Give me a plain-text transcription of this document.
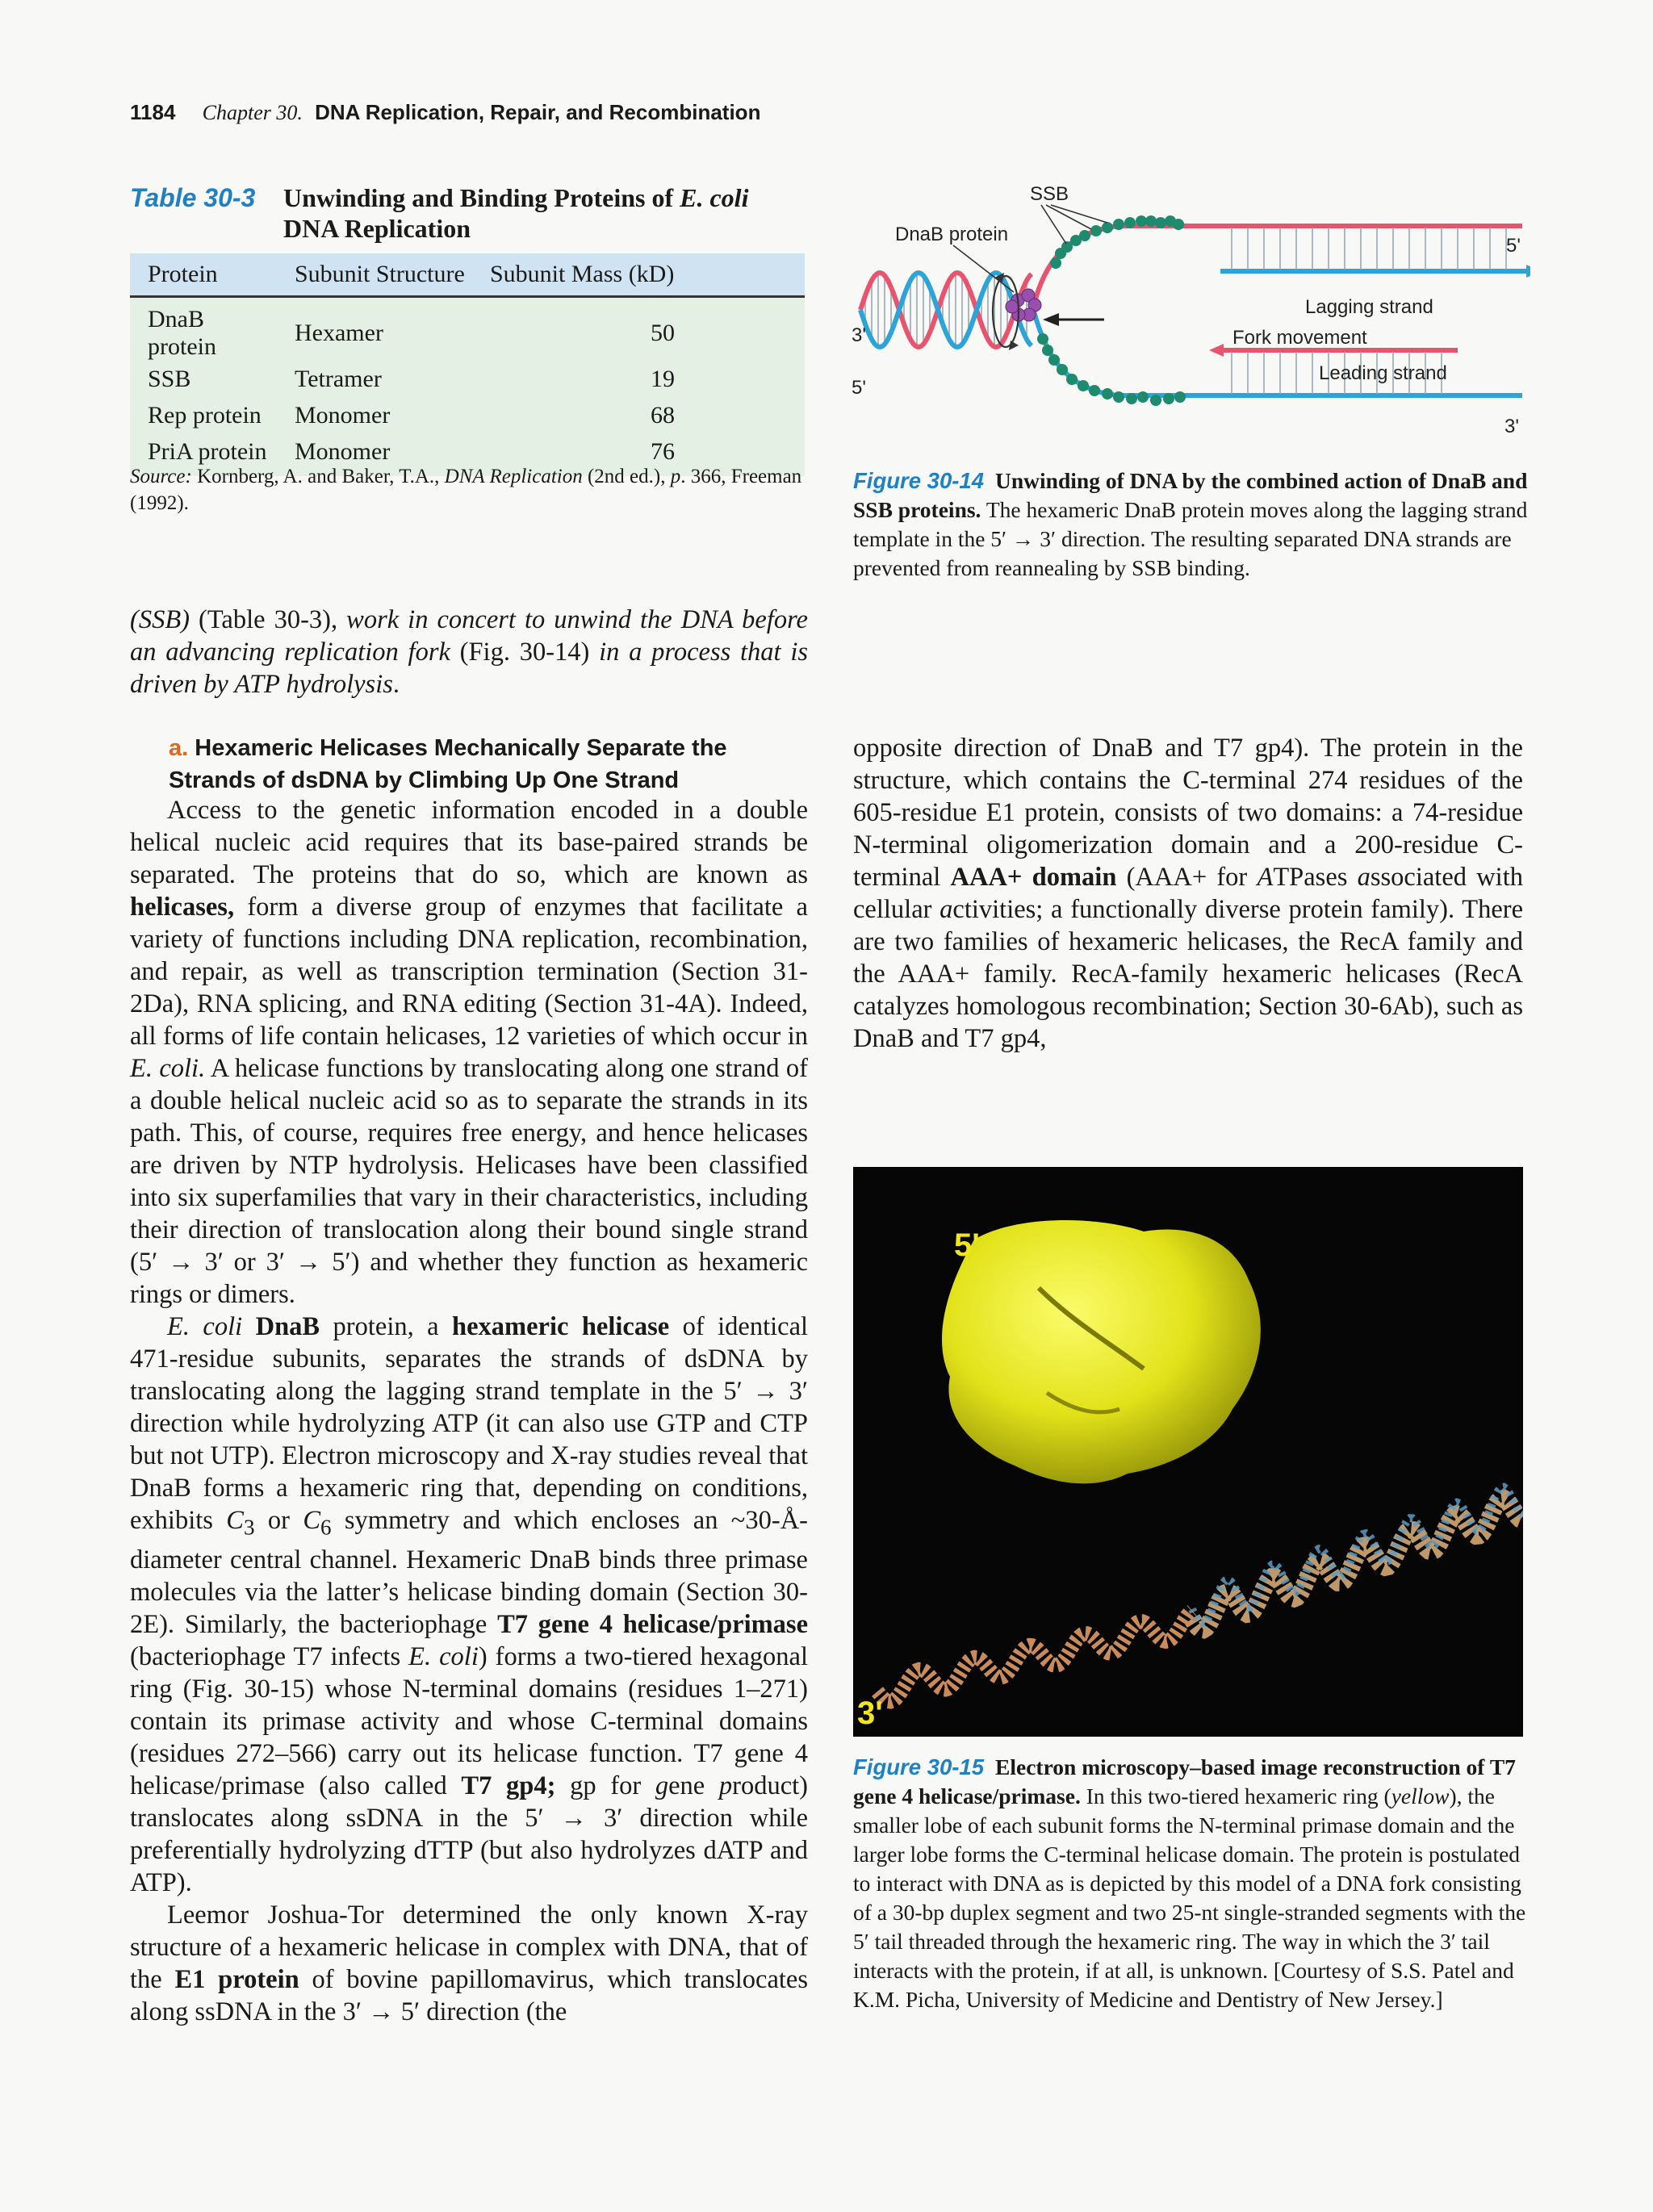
1184 Chapter 30. DNA Replication, Repair, and Recombination
Table 30-3 Unwinding and Binding Proteins of E. coli DNA Replication
Protein	Subunit Structure	Subunit Mass (kD)
DnaB protein	Hexamer	50
SSB	Tetramer	19
Rep protein	Monomer	68
PriA protein	Monomer	76
Source: Kornberg, A. and Baker, T.A., DNA Replication (2nd ed.), p. 366, Freeman (1992).
SSB
DnaB protein
5'
3'
5'
3'
Lagging strand
Fork movement
Leading strand
Figure 30-14 Unwinding of DNA by the combined action of DnaB and SSB proteins. The hexameric DnaB protein moves along the lagging strand template in the 5′ → 3′ direction. The resulting separated DNA strands are prevented from reannealing by SSB binding.
(SSB) (Table 30-3), work in concert to unwind the DNA before an advancing replication fork (Fig. 30-14) in a process that is driven by ATP hydrolysis.
a. Hexameric Helicases Mechanically Separate the Strands of dsDNA by Climbing Up One Strand

Access to the genetic information encoded in a double helical nucleic acid requires that its base-paired strands be separated. The proteins that do so, which are known as helicases, form a diverse group of enzymes that facilitate a variety of functions including DNA replication, recombination, and repair, as well as transcription termination (Section 31-2Da), RNA splicing, and RNA editing (Section 31-4A). Indeed, all forms of life contain helicases, 12 varieties of which occur in E. coli. A helicase functions by translocating along one strand of a double helical nucleic acid so as to separate the strands in its path. This, of course, requires free energy, and hence helicases are driven by NTP hydrolysis. Helicases have been classified into six superfamilies that vary in their characteristics, including their direction of translocation along their bound single strand (5′ → 3′ or 3′ → 5′) and whether they function as hexameric rings or dimers.

E. coli DnaB protein, a hexameric helicase of identical 471-residue subunits, separates the strands of dsDNA by translocating along the lagging strand template in the 5′ → 3′ direction while hydrolyzing ATP (it can also use GTP and CTP but not UTP). Electron microscopy and X-ray studies reveal that DnaB forms a hexameric ring that, depending on conditions, exhibits $C_3$ or $C_6$ symmetry and which encloses an ~30-Å-diameter central channel. Hexameric DnaB binds three primase molecules via the latter’s helicase binding domain (Section 30-2E). Similarly, the bacteriophage T7 gene 4 helicase/primase (bacteriophage T7 infects E. coli) forms a two-tiered hexagonal ring (Fig. 30-15) whose N-terminal domains (residues 1–271) contain its primase activity and whose C-terminal domains (residues 272–566) carry out its helicase function. T7 gene 4 helicase/primase (also called T7 gp4; gp for gene product) translocates along ssDNA in the 5′ → 3′ direction while preferentially hydrolyzing dTTP (but also hydrolyzes dATP and ATP).

Leemor Joshua-Tor determined the only known X-ray structure of a hexameric helicase in complex with DNA, that of the E1 protein of bovine papillomavirus, which translocates along ssDNA in the 3′ → 5′ direction (the

opposite direction of DnaB and T7 gp4). The protein in the structure, which contains the C-terminal 274 residues of the 605-residue E1 protein, consists of two domains: a 74-residue N-terminal oligomerization domain and a 200-residue C-terminal AAA+ domain (AAA+ for ATPases associated with cellular activities; a functionally diverse protein family). There are two families of hexameric helicases, the RecA family and the AAA+ family. RecA-family hexameric helicases (RecA catalyzes homologous recombination; Section 30-6Ab), such as DnaB and T7 gp4,

5'
3'
Figure 30-15 Electron microscopy–based image reconstruction of T7 gene 4 helicase/primase. In this two-tiered hexameric ring (yellow), the smaller lobe of each subunit forms the N-terminal primase domain and the larger lobe forms the C-terminal helicase domain. The protein is postulated to interact with DNA as is depicted by this model of a DNA fork consisting of a 30-bp duplex segment and two 25-nt single-stranded segments with the 5′ tail threaded through the hexameric ring. The way in which the 3′ tail interacts with the protein, if at all, is unknown. [Courtesy of S.S. Patel and K.M. Picha, University of Medicine and Dentistry of New Jersey.]
